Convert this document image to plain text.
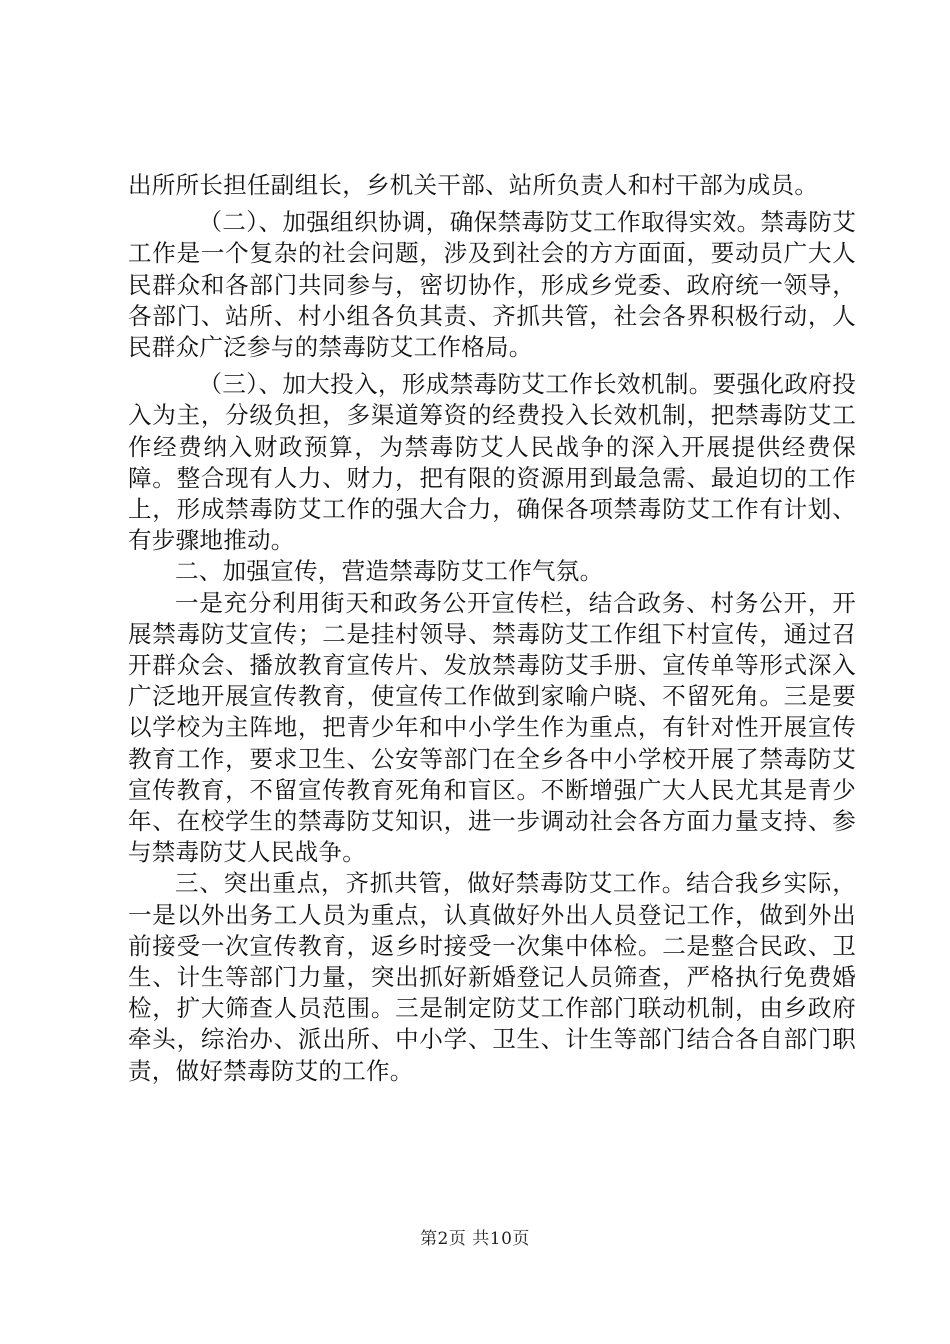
出所所长担任副组长，乡机关干部、站所负责人和村干部为成员。

（二）、加强组织协调，确保禁毒防艾工作取得实效。禁毒防艾工作是一个复杂的社会问题，涉及到社会的方方面面，要动员广大人民群众和各部门共同参与，密切协作，形成乡党委、政府统一领导，各部门、站所、村小组各负其责、齐抓共管，社会各界积极行动，人民群众广泛参与的禁毒防艾工作格局。

（三）、加大投入，形成禁毒防艾工作长效机制。要强化政府投入为主，分级负担，多渠道筹资的经费投入长效机制，把禁毒防艾工作经费纳入财政预算，为禁毒防艾人民战争的深入开展提供经费保障。整合现有人力、财力，把有限的资源用到最急需、最迫切的工作上，形成禁毒防艾工作的强大合力，确保各项禁毒防艾工作有计划、有步骤地推动。

二、加强宣传，营造禁毒防艾工作气氛。

一是充分利用街天和政务公开宣传栏，结合政务、村务公开，开展禁毒防艾宣传；二是挂村领导、禁毒防艾工作组下村宣传，通过召开群众会、播放教育宣传片、发放禁毒防艾手册、宣传单等形式深入广泛地开展宣传教育，使宣传工作做到家喻户晓、不留死角。三是要以学校为主阵地，把青少年和中小学生作为重点，有针对性开展宣传教育工作，要求卫生、公安等部门在全乡各中小学校开展了禁毒防艾宣传教育，不留宣传教育死角和盲区。不断增强广大人民尤其是青少年、在校学生的禁毒防艾知识，进一步调动社会各方面力量支持、参与禁毒防艾人民战争。

三、突出重点，齐抓共管，做好禁毒防艾工作。结合我乡实际，一是以外出务工人员为重点，认真做好外出人员登记工作，做到外出前接受一次宣传教育，返乡时接受一次集中体检。二是整合民政、卫生、计生等部门力量，突出抓好新婚登记人员筛查，严格执行免费婚检，扩大筛查人员范围。三是制定防艾工作部门联动机制，由乡政府牵头，综治办、派出所、中小学、卫生、计生等部门结合各自部门职责，做好禁毒防艾的工作。

第2页 共10页
